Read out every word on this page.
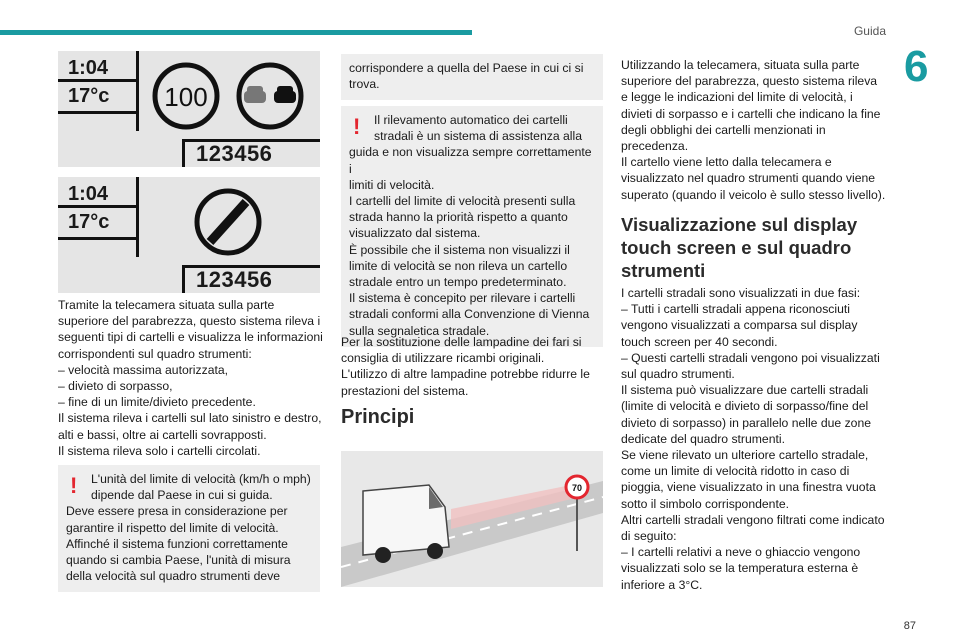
Guida
6
1:04
17°c 100
123456
1:04
17°c
123456

Tramite la telecamera situata sulla parte

superiore del parabrezza, questo sistema rileva i

seguenti tipi di cartelli e visualizza le informazioni

corrispondenti sul quadro strumenti:

– velocità massima autorizzata,

– divieto di sorpasso,

– fine di un limite/divieto precedente.

Il sistema rileva i cartelli sul lato sinistro e destro,

alti e bassi, oltre ai cartelli sovrapposti.

Il sistema rileva solo i cartelli circolati.

!	L'unità del limite di velocità (km/h o mph)

dipende dal Paese in cui si guida.

Deve essere presa in considerazione per

garantire il rispetto del limite di velocità.

Affinché il sistema funzioni correttamente

quando si cambia Paese, l'unità di misura

della velocità sul quadro strumenti deve

corrispondere a quella del Paese in cui ci si

trova.

!	Il rilevamento automatico dei cartelli

stradali è un sistema di assistenza alla

guida e non visualizza sempre correttamente i

limiti di velocità.

I cartelli del limite di velocità presenti sulla

strada hanno la priorità rispetto a quanto

visualizzato dal sistema.

È possibile che il sistema non visualizzi il

limite di velocità se non rileva un cartello

stradale entro un tempo predeterminato.

Il sistema è concepito per rilevare i cartelli

stradali conformi alla Convenzione di Vienna

sulla segnaletica stradale.

Per la sostituzione delle lampadine dei fari si

consiglia di utilizzare ricambi originali.

L'utilizzo di altre lampadine potrebbe ridurre le

prestazioni del sistema.

Principi
70

Utilizzando la telecamera, situata sulla parte

superiore del parabrezza, questo sistema rileva

e legge le indicazioni del limite di velocità, i

divieti di sorpasso e i cartelli che indicano la fine

degli obblighi dei cartelli menzionati in

precedenza.

Il cartello viene letto dalla telecamera e

visualizzato nel quadro strumenti quando viene

superato (quando il veicolo è sullo stesso livello).

Visualizzazione sul display

touch screen e sul quadro

strumenti

I cartelli stradali sono visualizzati in due fasi:

– Tutti i cartelli stradali appena riconosciuti

vengono visualizzati a comparsa sul display

touch screen per 40 secondi.

– Questi cartelli stradali vengono poi visualizzati

sul quadro strumenti.

Il sistema può visualizzare due cartelli stradali

(limite di velocità e divieto di sorpasso/fine del

divieto di sorpasso) in parallelo nelle due zone

dedicate del quadro strumenti.

Se viene rilevato un ulteriore cartello stradale,

come un limite di velocità ridotto in caso di

pioggia, viene visualizzato in una finestra vuota

sotto il simbolo corrispondente.

Altri cartelli stradali vengono filtrati come indicato

di seguito:

– I cartelli relativi a neve o ghiaccio vengono

visualizzati solo se la temperatura esterna è

inferiore a 3°C.

87
